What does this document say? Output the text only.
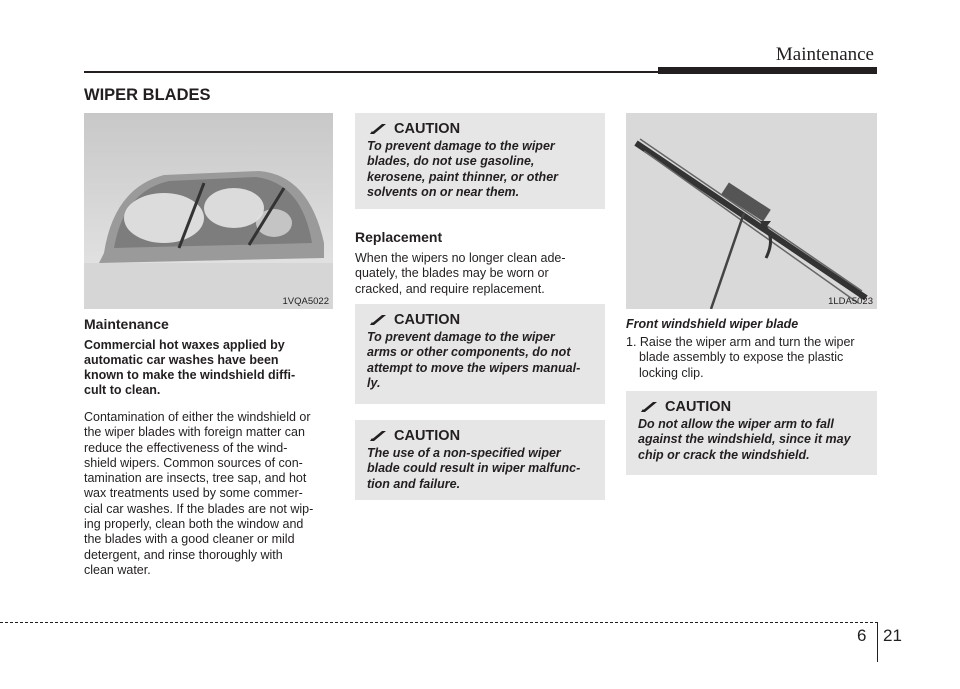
Maintenance
WIPER BLADES
1VQA5022
Maintenance

Commercial hot waxes applied by
automatic car washes have been
known to make the windshield diffi-
cult to clean.

Contamination of either the windshield or
the wiper blades with foreign matter can
reduce the effectiveness of the wind-
shield wipers. Common sources of con-
tamination are insects, tree sap, and hot
wax treatments used by some commer-
cial car washes. If the blades are not wip-
ing properly, clean both the window and
the blades with a good cleaner or mild
detergent, and rinse thoroughly with
clean water.

CAUTION

To prevent damage to the wiper
blades, do not use gasoline,
kerosene, paint thinner, or other
solvents on or near them.

Replacement

When the wipers no longer clean ade-
quately, the blades may be worn or
cracked, and require replacement.

CAUTION

To prevent damage to the wiper
arms or other components, do not
attempt to move the wipers manual-
ly.

CAUTION

The use of a non-specified wiper
blade could result in wiper malfunc-
tion and failure.

1LDA5023
Front windshield wiper blade

1. Raise the wiper arm and turn the wiper
blade assembly to expose the plastic
locking clip.

CAUTION

Do not allow the wiper arm to fall
against the windshield, since it may
chip or crack the windshield.

6 21
